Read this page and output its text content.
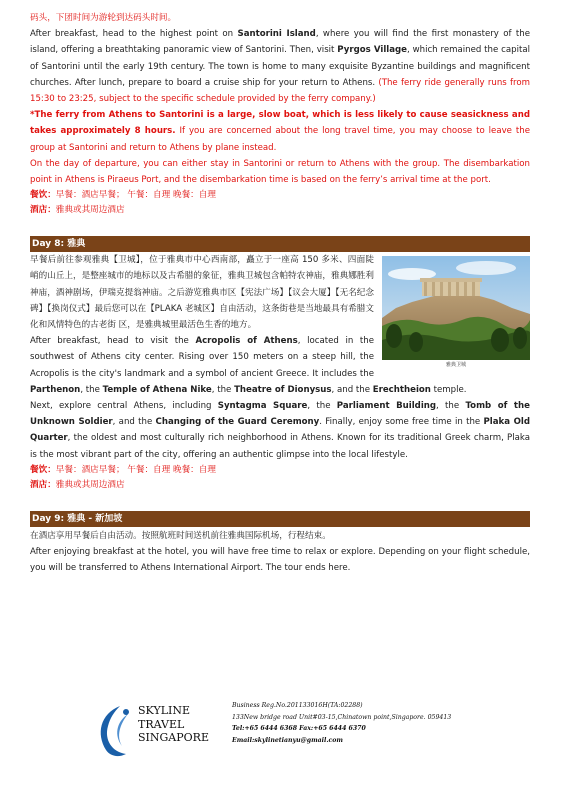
码头，下团时间为游轮到达码头时间。

After breakfast, head to the highest point on Santorini Island, where you will find the first monastery of the island, offering a breathtaking panoramic view of Santorini. Then, visit Pyrgos Village, which remained the capital of Santorini until the early 19th century. The town is home to many exquisite Byzantine buildings and magnificent churches. After lunch, prepare to board a cruise ship for your return to Athens. (The ferry ride generally runs from 15:30 to 23:25, subject to the specific schedule provided by the ferry company.)

*The ferry from Athens to Santorini is a large, slow boat, which is less likely to cause seasickness and takes approximately 8 hours. If you are concerned about the long travel time, you may choose to leave the group at Santorini and return to Athens by plane instead.

On the day of departure, you can either stay in Santorini or return to Athens with the group. The disembarkation point in Athens is Piraeus Port, and the disembarkation time is based on the ferry’s arrival time at the port.

餐饮：早餐：酒店早餐； 午餐：自理 晚餐：自理
酒店：雅典或其周边酒店
Day 8: 雅典
雅典卫城

早餐后前往参观雅典【卫城】，位于雅典市中心西南部，矗立于一座高 150 多米、四面陡峭的山丘上，是整座城市的地标以及古希腊的象征，雅典卫城包含帕特农神庙，雅典娜胜利神庙，酒神剧场，伊瑞克提翁神庙。之后游览雅典市区【宪法广场】【议会大厦】【无名纪念碑】【换岗仪式】最后您可以在【PLAKA 老城区】自由活动，这条街巷是当地最具有希腊文化和风情特色的古老街 区，是雅典城里最活色生香的地方。

After breakfast, head to visit the Acropolis of Athens, located in the southwest of Athens city center. Rising over 150 meters on a steep hill, the Acropolis is the city's landmark and a symbol of ancient Greece. It includes the Parthenon, the Temple of Athena Nike, the Theatre of Dionysus, and the Erechtheion temple.

Next, explore central Athens, including Syntagma Square, the Parliament Building, the Tomb of the Unknown Soldier, and the Changing of the Guard Ceremony. Finally, enjoy some free time in the Plaka Old Quarter, the oldest and most culturally rich neighborhood in Athens. Known for its traditional Greek charm, Plaka is the most vibrant part of the city, offering an authentic glimpse into the local lifestyle.

餐饮：早餐：酒店早餐； 午餐：自理 晚餐：自理
酒店：雅典或其周边酒店
Day 9: 雅典 - 新加坡

在酒店享用早餐后自由活动。按照航班时间送机前往雅典国际机场，行程结束。

After enjoying breakfast at the hotel, you will have free time to relax or explore. Depending on your flight schedule, you will be transferred to Athens International Airport. The tour ends here.

SKYLINE
TRAVEL
SINGAPORE
Business Reg.No.201133016H(TA:02288)
133New bridge road Unit#03-15,Chinatown point,Singapore. 059413
Tel:+65 6444 6368 Fax:+65 6444 6370
Email:skylinetianyu@gmail.com
